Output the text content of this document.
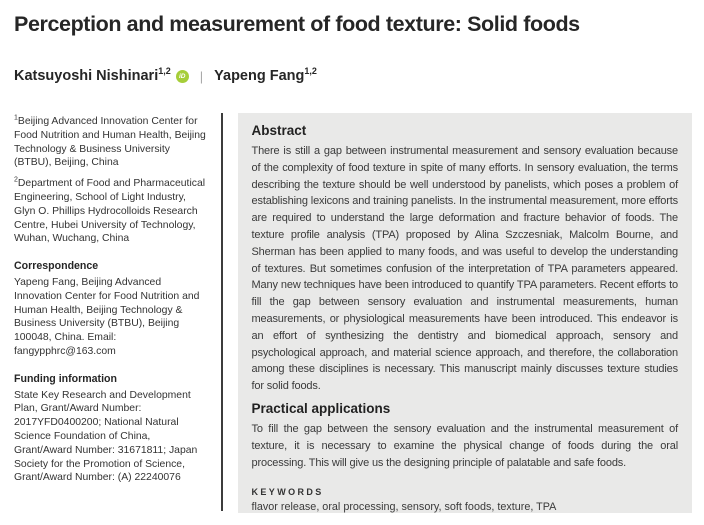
Perception and measurement of food texture: Solid foods
Katsuyoshi Nishinari$^{1,2}$	iD | Yapeng Fang$^{1,2}$

$^1$Beijing Advanced Innovation Center for Food Nutrition and Human Health, Beijing Technology & Business University (BTBU), Beijing, China

$^2$Department of Food and Pharmaceutical Engineering, School of Light Industry, Glyn O. Phillips Hydrocolloids Research Centre, Hubei University of Technology, Wuhan, Wuchang, China

Correspondence

Yapeng Fang, Beijing Advanced Innovation Center for Food Nutrition and Human Health, Beijing Technology & Business University (BTBU), Beijing 100048, China. Email: fangypphrc@163.com

Funding information

State Key Research and Development Plan, Grant/Award Number: 2017YFD0400200; National Natural Science Foundation of China, Grant/Award Number: 31671811; Japan Society for the Promotion of Science, Grant/Award Number: (A) 22240076

Abstract

There is still a gap between instrumental measurement and sensory evaluation because of the complexity of food texture in spite of many efforts. In sensory evaluation, the terms describing the texture should be well understood by panelists, which poses a problem of establishing lexicons and training panelists. In the instrumental measurement, more efforts are required to understand the large deformation and fracture behavior of foods. The texture profile analysis (TPA) proposed by Alina Szczesniak, Malcolm Bourne, and Sherman has been applied to many foods, and was useful to develop the understanding of textures. But sometimes confusion of the interpretation of TPA parameters appeared. Many new techniques have been introduced to quantify TPA parameters. Recent efforts to fill the gap between sensory evaluation and instrumental measurements, human measurements, or physiological measurements have been introduced. This endeavor is an effort of synthesizing the dentistry and biomedical approach, sensory and psychological approach, and material science approach, and therefore, the collaboration among these disciplines is necessary. This manuscript mainly discusses texture studies for solid foods.

Practical applications

To fill the gap between the sensory evaluation and the instrumental measurement of texture, it is necessary to examine the physical change of foods during the oral processing. This will give us the designing principle of palatable and safe foods.

KEYWORDS

flavor release, oral processing, sensory, soft foods, texture, TPA
